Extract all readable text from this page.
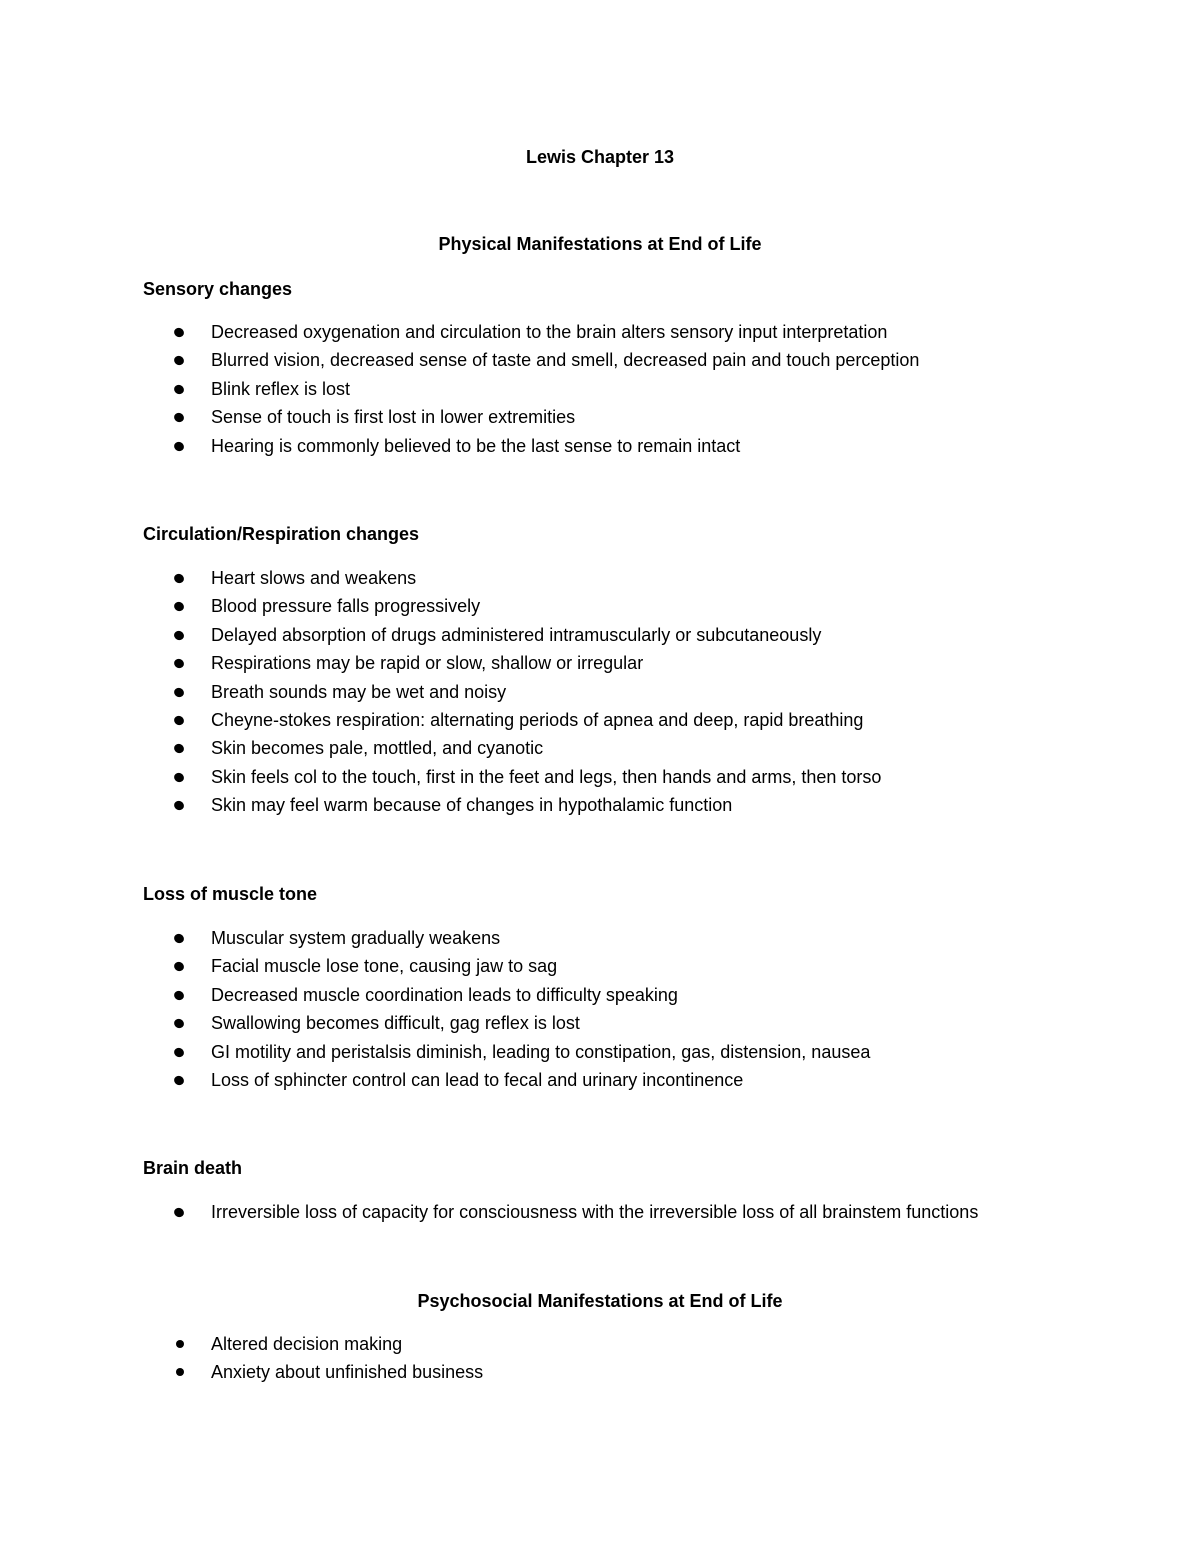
Lewis Chapter 13
Physical Manifestations at End of Life
Sensory changes
Decreased oxygenation and circulation to the brain alters sensory input interpretation
Blurred vision, decreased sense of taste and smell, decreased pain and touch perception
Blink reflex is lost
Sense of touch is first lost in lower extremities
Hearing is commonly believed to be the last sense to remain intact
Circulation/Respiration changes
Heart slows and weakens
Blood pressure falls progressively
Delayed absorption of drugs administered intramuscularly or subcutaneously
Respirations may be rapid or slow, shallow or irregular
Breath sounds may be wet and noisy
Cheyne-stokes respiration: alternating periods of apnea and deep, rapid breathing
Skin becomes pale, mottled, and cyanotic
Skin feels col to the touch, first in the feet and legs, then hands and arms, then torso
Skin may feel warm because of changes in hypothalamic function
Loss of muscle tone
Muscular system gradually weakens
Facial muscle lose tone, causing jaw to sag
Decreased muscle coordination leads to difficulty speaking
Swallowing becomes difficult, gag reflex is lost
GI motility and peristalsis diminish, leading to constipation, gas, distension, nausea
Loss of sphincter control can lead to fecal and urinary incontinence
Brain death
Irreversible loss of capacity for consciousness with the irreversible loss of all brainstem functions
Psychosocial Manifestations at End of Life
Altered decision making
Anxiety about unfinished business
